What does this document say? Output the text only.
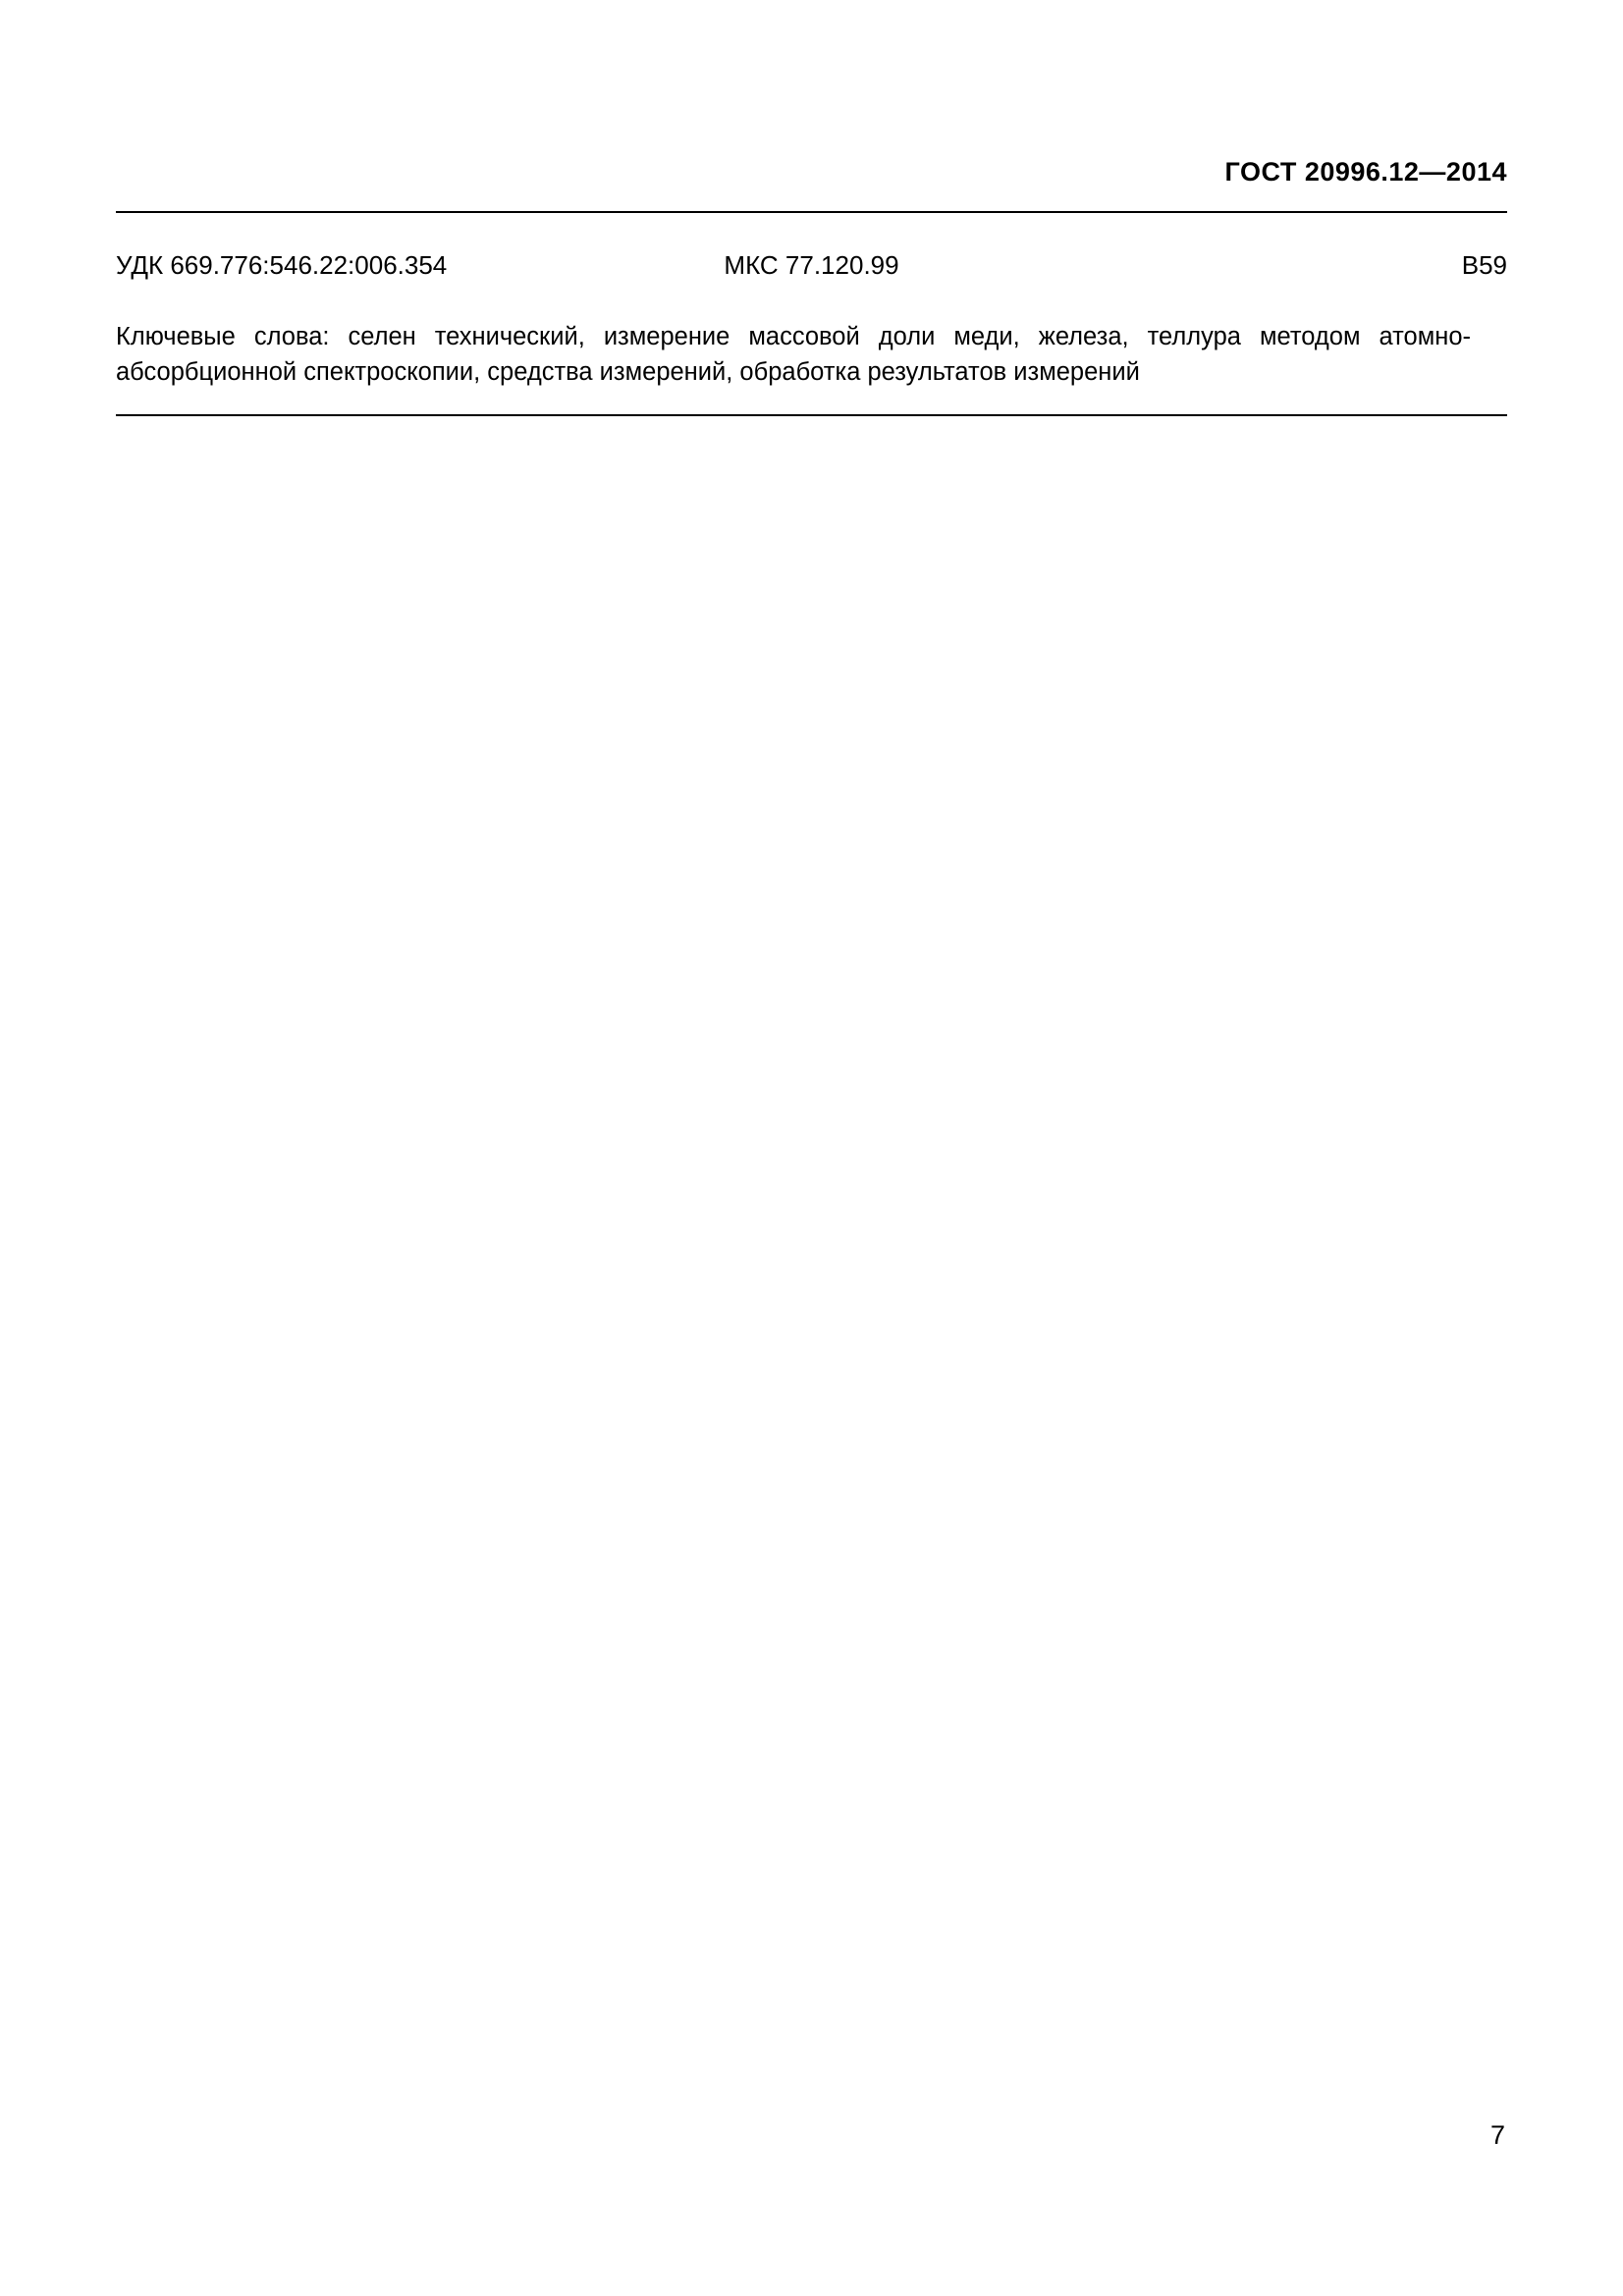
ГОСТ 20996.12—2014
УДК 669.776:546.22:006.354	МКС 77.120.99	В59
Ключевые слова: селен технический, измерение массовой доли меди, железа, теллура методом атомно-абсорбционной спектроскопии, средства измерений, обработка результатов измерений
7
